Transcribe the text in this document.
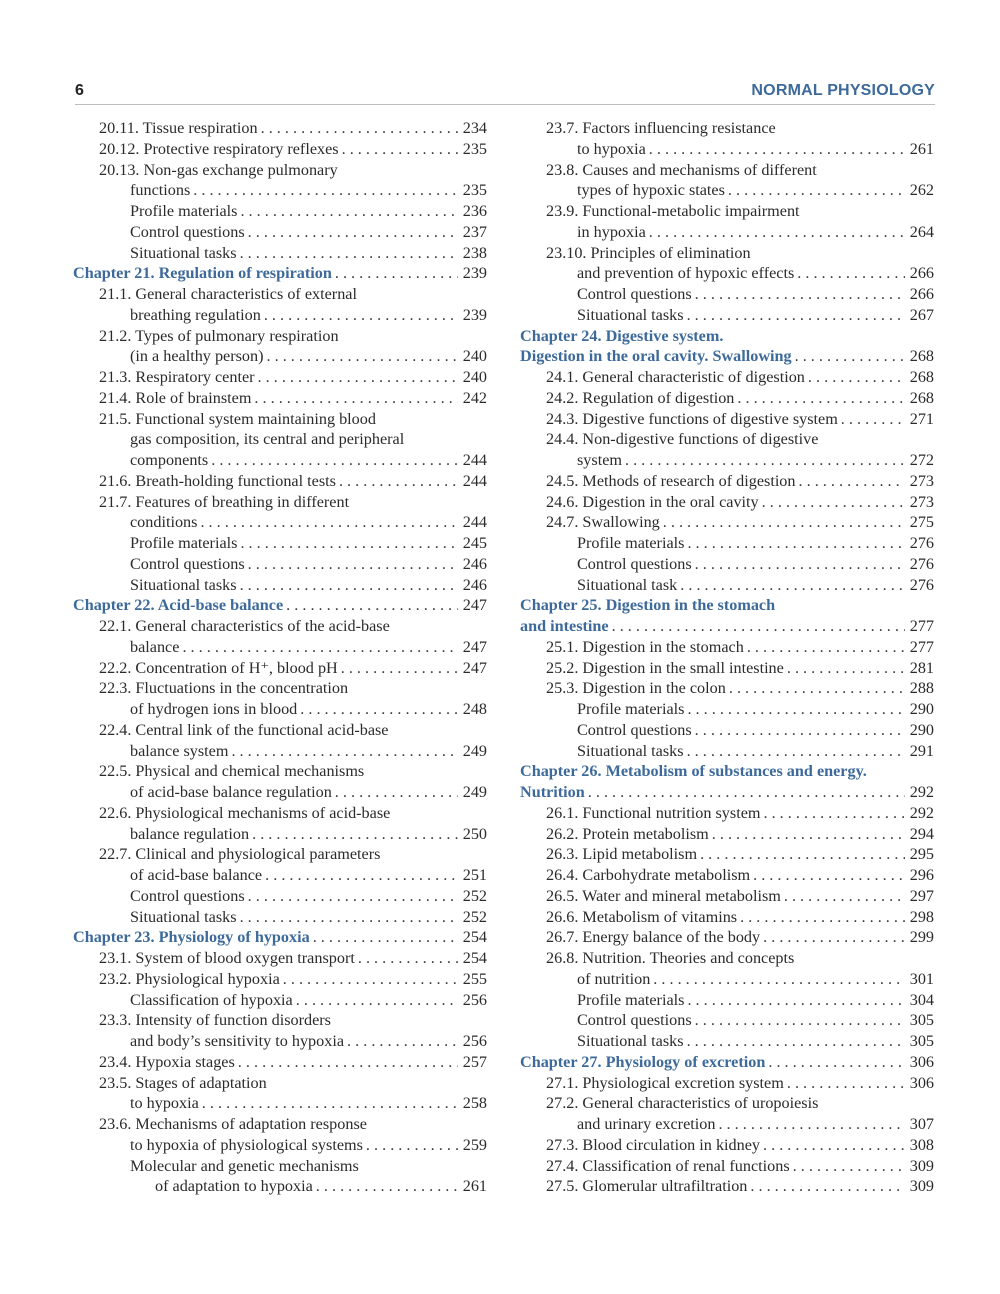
6	NORMAL PHYSIOLOGY
20.11. Tissue respiration . . .	234
20.12. Protective respiratory reflexes . . .	235
20.13. Non-gas exchange pulmonary
functions . . .	235
Profile materials . . .	236
Control questions . . .	237
Situational tasks . . .	238
Chapter 21. Regulation of respiration . . .	239
21.1. General characteristics of external
breathing regulation . . .	239
21.2. Types of pulmonary respiration
(in a healthy person) . . .	240
21.3. Respiratory center . . .	240
21.4. Role of brainstem . . .	242
21.5. Functional system maintaining blood
gas composition, its central and peripheral
components . . .	244
21.6. Breath-holding functional tests . . .	244
21.7. Features of breathing in different
conditions . . .	244
Profile materials . . .	245
Control questions . . .	246
Situational tasks . . .	246
Chapter 22. Acid-base balance . . .	247
22.1. General characteristics of the acid-base
balance . . .	247
22.2. Concentration of H⁺, blood pH . . .	247
22.3. Fluctuations in the concentration
of hydrogen ions in blood . . .	248
22.4. Central link of the functional acid-base
balance system . . .	249
22.5. Physical and chemical mechanisms
of acid-base balance regulation . . .	249
22.6. Physiological mechanisms of acid-base
balance regulation . . .	250
22.7. Clinical and physiological parameters
of acid-base balance . . .	251
Control questions . . .	252
Situational tasks . . .	252
Chapter 23. Physiology of hypoxia . . .	254
23.1. System of blood oxygen transport . . .	254
23.2. Physiological hypoxia . . .	255
Classification of hypoxia . . .	256
23.3. Intensity of function disorders
and body’s sensitivity to hypoxia . . .	256
23.4. Hypoxia stages . . .	257
23.5. Stages of adaptation
to hypoxia . . .	258
23.6. Mechanisms of adaptation response
to hypoxia of physiological systems . . .	259
Molecular and genetic mechanisms
of adaptation to hypoxia . . .	261
23.7. Factors influencing resistance
to hypoxia . . .	261
23.8. Causes and mechanisms of different
types of hypoxic states . . .	262
23.9. Functional-metabolic impairment
in hypoxia . . .	264
23.10. Principles of elimination
and prevention of hypoxic effects . . .	266
Control questions . . .	266
Situational tasks . . .	267
Chapter 24. Digestive system.
Digestion in the oral cavity. Swallowing . . .	268
24.1. General characteristic of digestion . . .	268
24.2. Regulation of digestion . . .	268
24.3. Digestive functions of digestive system . . .	271
24.4. Non-digestive functions of digestive
system . . .	272
24.5. Methods of research of digestion . . .	273
24.6. Digestion in the oral cavity . . .	273
24.7. Swallowing . . .	275
Profile materials . . .	276
Control questions . . .	276
Situational task . . .	276
Chapter 25. Digestion in the stomach
and intestine . . .	277
25.1. Digestion in the stomach . . .	277
25.2. Digestion in the small intestine . . .	281
25.3. Digestion in the colon . . .	288
Profile materials . . .	290
Control questions . . .	290
Situational tasks . . .	291
Chapter 26. Metabolism of substances and energy.
Nutrition . . .	292
26.1. Functional nutrition system . . .	292
26.2. Protein metabolism . . .	294
26.3. Lipid metabolism . . .	295
26.4. Carbohydrate metabolism . . .	296
26.5. Water and mineral metabolism . . .	297
26.6. Metabolism of vitamins . . .	298
26.7. Energy balance of the body . . .	299
26.8. Nutrition. Theories and concepts
of nutrition . . .	301
Profile materials . . .	304
Control questions . . .	305
Situational tasks . . .	305
Chapter 27. Physiology of excretion . . .	306
27.1. Physiological excretion system . . .	306
27.2. General characteristics of uropoiesis
and urinary excretion . . .	307
27.3. Blood circulation in kidney . . .	308
27.4. Classification of renal functions . . .	309
27.5. Glomerular ultrafiltration . . .	309
